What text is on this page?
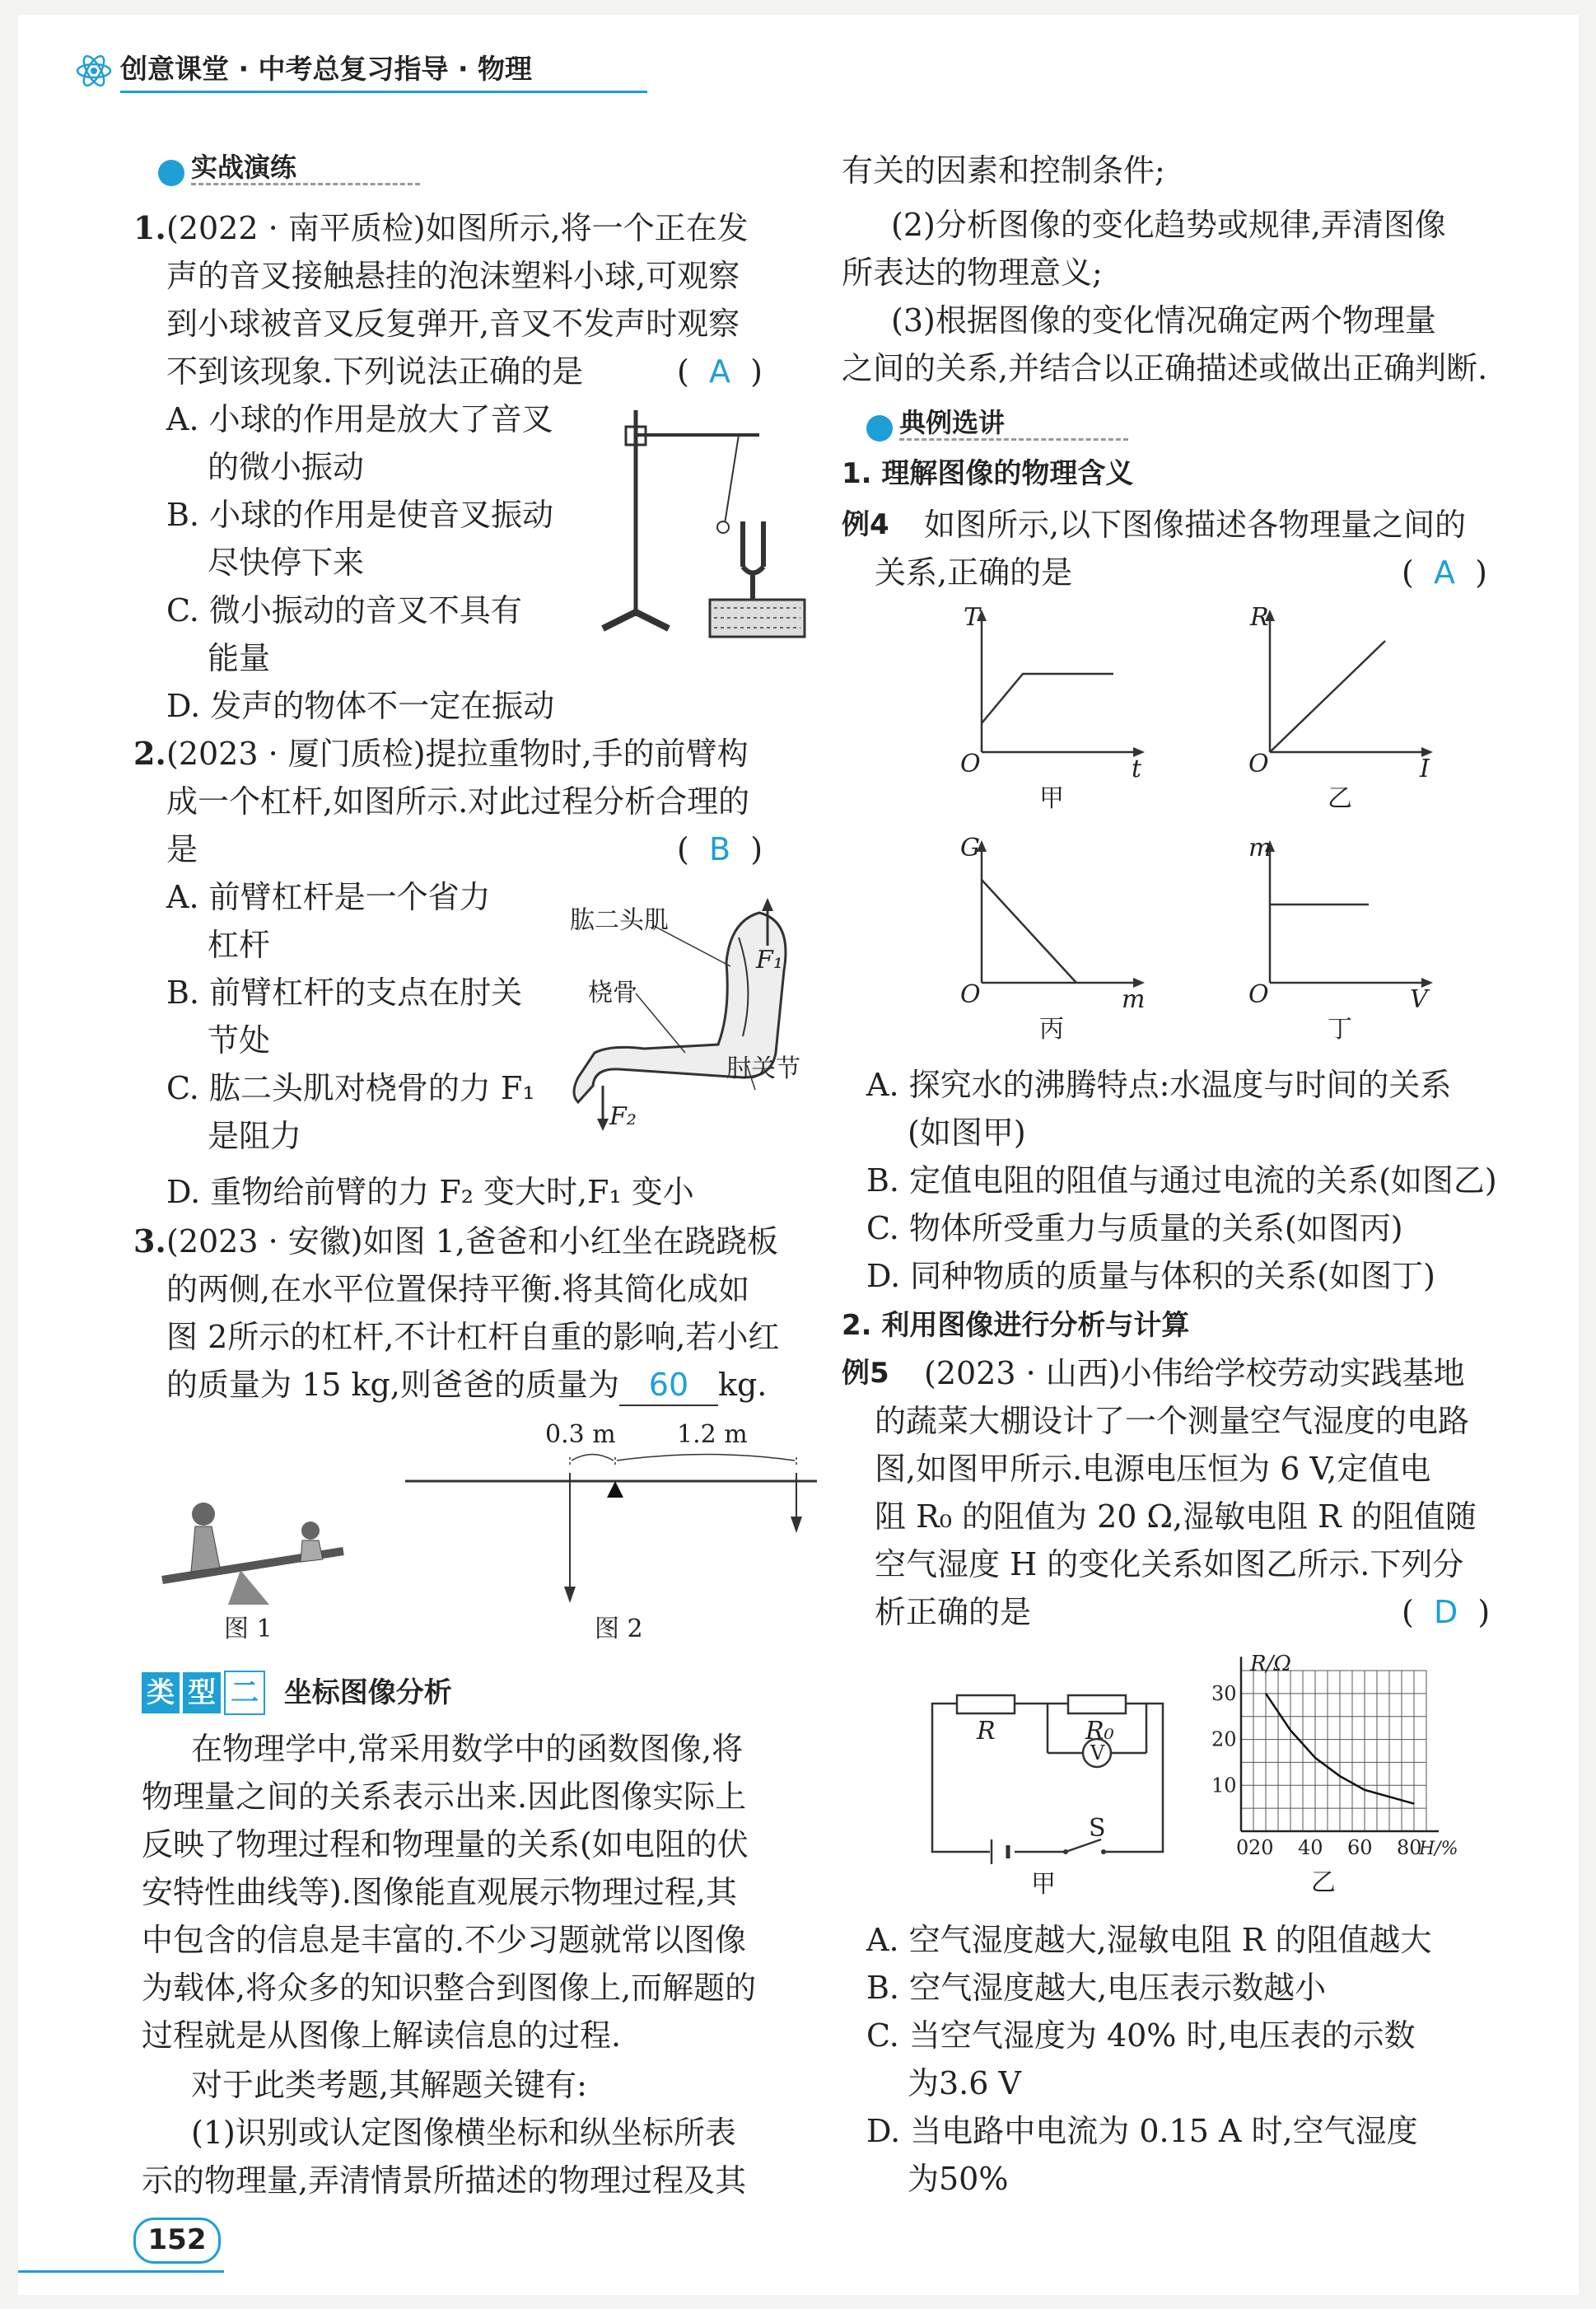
创意课堂 · 中考总复习指导 · 物理
实战演练
1. (2022 · 南平质检)如图所示,将一个正在发
声的音叉接触悬挂的泡沫塑料小球,可观察
到小球被音叉反复弹开,音叉不发声时观察
不到该现象.下列说法正确的是	(  A  )
A. 小球的作用是放大了音叉
的微小振动
B. 小球的作用是使音叉振动
尽快停下来
C. 微小振动的音叉不具有
能量
D. 发声的物体不一定在振动
2. (2023 · 厦门质检)提拉重物时,手的前臂构
成一个杠杆,如图所示.对此过程分析合理的
是	(  B  )
A. 前臂杠杆是一个省力
杠杆
B. 前臂杠杆的支点在肘关
节处
C. 肱二头肌对桡骨的力 F₁
是阻力
D. 重物给前臂的力 F₂ 变大时,F₁ 变小
肱二头肌
桡骨
肘关节
F₁
F₂
3. (2023 · 安徽)如图 1,爸爸和小红坐在跷跷板
的两侧,在水平位置保持平衡.将其简化成如
图 2所示的杠杆,不计杠杆自重的影响,若小红
的质量为 15 kg,则爸爸的质量为 60 kg.
图 1
0.3 m 1.2 m
图 2
类 型 二 坐标图像分析
在物理学中,常采用数学中的函数图像,将
物理量之间的关系表示出来.因此图像实际上
反映了物理过程和物理量的关系(如电阻的伏
安特性曲线等).图像能直观展示物理过程,其
中包含的信息是丰富的.不少习题就常以图像
为载体,将众多的知识整合到图像上,而解题的
过程就是从图像上解读信息的过程.
对于此类考题,其解题关键有:
(1)识别或认定图像横坐标和纵坐标所表
示的物理量,弄清情景所描述的物理过程及其
152
有关的因素和控制条件;
(2)分析图像的变化趋势或规律,弄清图像
所表达的物理意义;
(3)根据图像的变化情况确定两个物理量
之间的关系,并结合以正确描述或做出正确判断.
典例选讲
1. 理解图像的物理含义
例4 如图所示,以下图像描述各物理量之间的
关系,正确的是	(  A  )
T
t
O
甲
R
I
O
乙
G
m
O
丙
m
V
O
丁
A. 探究水的沸腾特点:水温度与时间的关系
(如图甲)
B. 定值电阻的阻值与通过电流的关系(如图乙)
C. 物体所受重力与质量的关系(如图丙)
D. 同种物质的质量与体积的关系(如图丁)
2. 利用图像进行分析与计算
例5 (2023 · 山西)小伟给学校劳动实践基地
的蔬菜大棚设计了一个测量空气湿度的电路
图,如图甲所示.电源电压恒为 6 V,定值电
阻 R₀ 的阻值为 20 Ω,湿敏电阻 R 的阻值随
空气湿度 H 的变化关系如图乙所示.下列分
析正确的是	(  D  )
R	R₀
V
S
甲
0 20 40 60 80
10
20
30
H/%
R/Ω
乙
A. 空气湿度越大,湿敏电阻 R 的阻值越大
B. 空气湿度越大,电压表示数越小
C. 当空气湿度为 40% 时,电压表的示数
为3.6 V
D. 当电路中电流为 0.15 A 时,空气湿度
为50%
